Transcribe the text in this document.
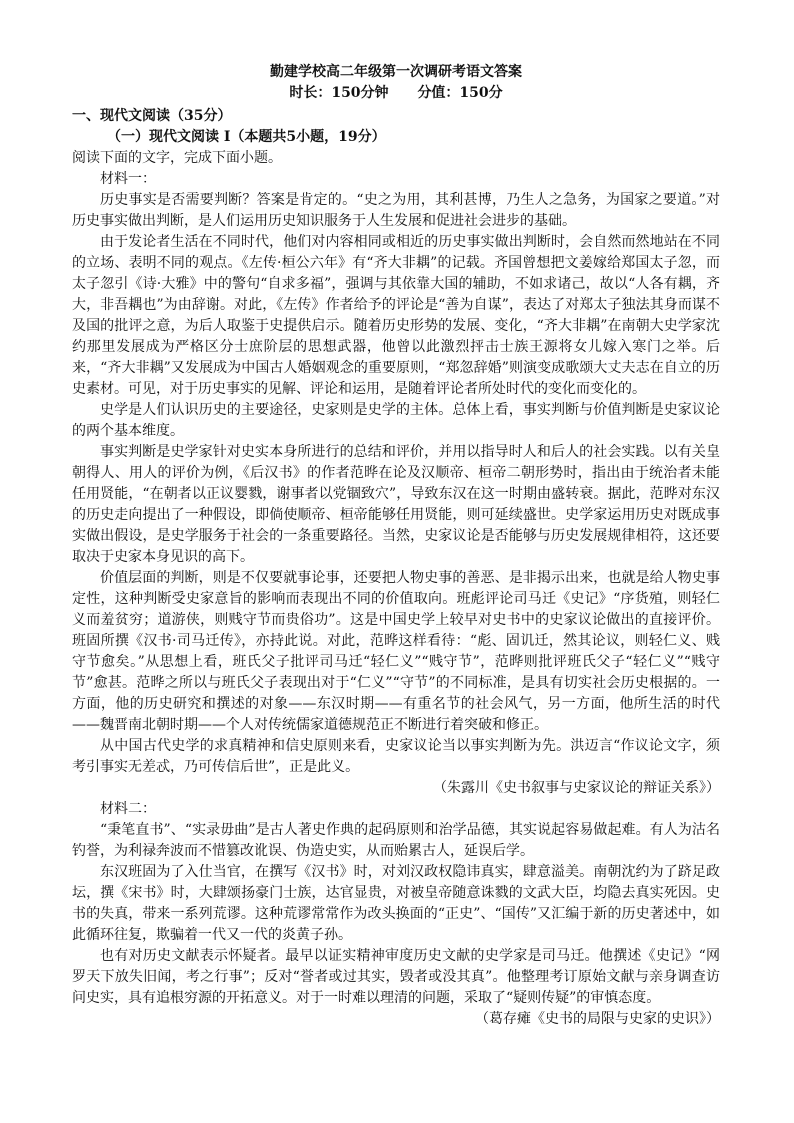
勤建学校高二年级第一次调研考语文答案

时长：150分钟 分值：150分

一、现代文阅读（35分）

（一）现代文阅读 I（本题共5小题，19分）

阅读下面的文字，完成下面小题。

材料一：

历史事实是否需要判断？答案是肯定的。“史之为用，其利甚博，乃生人之急务，为国家之要道。”对历史事实做出判断，是人们运用历史知识服务于人生发展和促进社会进步的基础。

由于发论者生活在不同时代，他们对内容相同或相近的历史事实做出判断时，会自然而然地站在不同的立场、表明不同的观点。《左传·桓公六年》有“齐大非耦”的记载。齐国曾想把文姜嫁给郑国太子忽，而太子忽引《诗·大雅》中的警句“自求多福”，强调与其依靠大国的辅助，不如求诸己，故以“人各有耦，齐大，非吾耦也”为由辞谢。对此，《左传》作者给予的评论是“善为自谋”，表达了对郑太子独法其身而谋不及国的批评之意，为后人取鉴于史提供启示。随着历史形势的发展、变化，“齐大非耦”在南朝大史学家沈约那里发展成为严格区分士庶阶层的思想武器，他曾以此激烈抨击士族王源将女儿嫁入寒门之举。后来，“齐大非耦”又发展成为中国古人婚姻观念的重要原则，“郑忽辞婚”则演变成歌颂大丈夫志在自立的历史素材。可见，对于历史事实的见解、评论和运用，是随着评论者所处时代的变化而变化的。

史学是人们认识历史的主要途径，史家则是史学的主体。总体上看，事实判断与价值判断是史家议论的两个基本维度。

事实判断是史学家针对史实本身所进行的总结和评价，并用以指导时人和后人的社会实践。以有关皇朝得人、用人的评价为例，《后汉书》的作者范晔在论及汉顺帝、桓帝二朝形势时，指出由于统治者未能任用贤能，“在朝者以正议婴戮，谢事者以党锢致穴”，导致东汉在这一时期由盛转衰。据此，范晔对东汉的历史走向提出了一种假设，即倘使顺帝、桓帝能够任用贤能，则可延续盛世。史学家运用历史对既成事实做出假设，是史学服务于社会的一条重要路径。当然，史家议论是否能够与历史发展规律相符，这还要取决于史家本身见识的高下。

价值层面的判断，则是不仅要就事论事，还要把人物史事的善恶、是非揭示出来，也就是给人物史事定性，这种判断受史家意旨的影响而表现出不同的价值取向。班彪评论司马迁《史记》“序货殖，则轻仁义而羞贫穷；道游侠，则贱守节而贵俗功”。这是中国史学上较早对史书中的史家议论做出的直接评价。班固所撰《汉书·司马迁传》，亦持此说。对此，范晔这样看待：“彪、固讥迁，然其论议，则轻仁义、贱守节愈矣。”从思想上看，班氏父子批评司马迁“轻仁义”“贱守节”，范晔则批评班氏父子“轻仁义”“贱守节”愈甚。范晔之所以与班氏父子表现出对于“仁义”“守节”的不同标准，是具有切实社会历史根据的。一方面，他的历史研究和撰述的对象——东汉时期——有重名节的社会风气，另一方面，他所生活的时代——魏晋南北朝时期——个人对传统儒家道德规范正不断进行着突破和修正。

从中国古代史学的求真精神和信史原则来看，史家议论当以事实判断为先。洪迈言“作议论文字，须考引事实无差忒，乃可传信后世”，正是此义。

（朱露川《史书叙事与史家议论的辩证关系》）

材料二：

“秉笔直书”、“实录毋曲”是古人著史作典的起码原则和治学品德，其实说起容易做起难。有人为沽名钓誉，为利禄奔波而不惜篡改讹误、伪造史实，从而贻累古人，延误后学。

东汉班固为了入仕当官，在撰写《汉书》时，对刘汉政权隐讳真实，肆意溢美。南朝沈约为了跻足政坛，撰《宋书》时，大肆颂扬豪门士族，达官显贵，对被皇帝随意诛戮的文武大臣，均隐去真实死因。史书的失真，带来一系列荒谬。这种荒谬常常作为改头换面的“正史”、“国传”又汇编于新的历史著述中，如此循环往复，欺骗着一代又一代的炎黄子孙。

也有对历史文献表示怀疑者。最早以证实精神审度历史文献的史学家是司马迁。他撰述《史记》“网罗天下放失旧闻，考之行事”；反对“誉者或过其实，毁者或没其真”。他整理考订原始文献与亲身调查访问史实，具有追根穷源的开拓意义。对于一时难以理清的问题，采取了“疑则传疑”的审慎态度。

（葛存瘫《史书的局限与史家的史识》）
